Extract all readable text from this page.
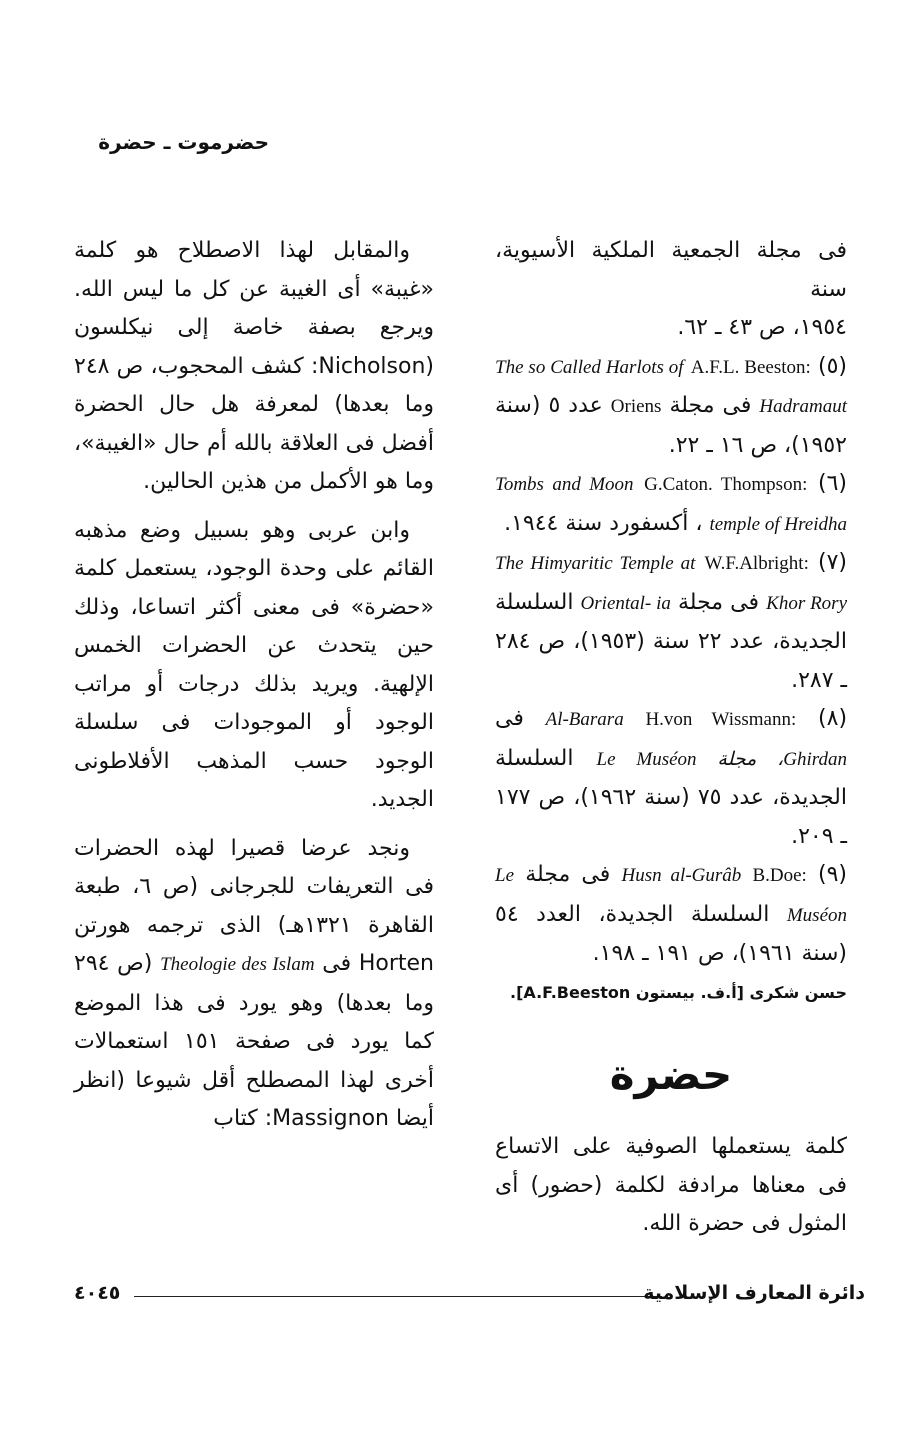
حضرموت ـ حضرة

فى مجلة الجمعية الملكية الأسيوية، سنة

١٩٥٤، ص ٤٣ ـ ٦٢.

(٥) A.F.L. Beeston: The so Called Harlots of Hadramaut فى مجلة Oriens عدد ٥ (سنة ١٩٥٢)، ص ١٦ ـ ٢٢.

(٦) G.Caton. Thompson: Tombs and Moon temple of Hreidha ، أكسفورد سنة ١٩٤٤.

(٧) W.F.Albright: The Himyaritic Temple at Khor Rory فى مجلة Oriental- ia السلسلة الجديدة، عدد ٢٢ سنة (١٩٥٣)، ص ٢٨٤ ـ ٢٨٧.

(٨) H.von Wissmann: Al-Barara فى Ghirdan، مجلة Le Muséon السلسلة الجديدة، عدد ٧٥ (سنة ١٩٦٢)، ص ١٧٧ ـ ٢٠٩.

(٩) B.Doe: Husn al-Gurâb فى مجلة Le Muséon السلسلة الجديدة، العدد ٥٤ (سنة ١٩٦١)، ص ١٩١ ـ ١٩٨.

حسن شكرى [أ.ف. بيستون A.F.Beeston].

حضرة

كلمة يستعملها الصوفية على الاتساع فى معناها مرادفة لكلمة (حضور) أى المثول فى حضرة الله.

والمقابل لهذا الاصطلاح هو كلمة «غيبة» أى الغيبة عن كل ما ليس الله. ويرجع بصفة خاصة إلى نيكلسون (Nicholson: كشف المحجوب، ص ٢٤٨ وما بعدها) لمعرفة هل حال الحضرة أفضل فى العلاقة بالله أم حال «الغيبة»، وما هو الأكمل من هذين الحالين.

وابن عربى وهو بسبيل وضع مذهبه القائم على وحدة الوجود، يستعمل كلمة «حضرة» فى معنى أكثر اتساعا، وذلك حين يتحدث عن الحضرات الخمس الإلهية. ويريد بذلك درجات أو مراتب الوجود أو الموجودات فى سلسلة الوجود حسب المذهب الأفلاطونى الجديد.

ونجد عرضا قصيرا لهذه الحضرات فى التعريفات للجرجانى (ص ٦، طبعة القاهرة ١٣٢١هـ) الذى ترجمه هورتن Horten فى Theologie des Islam (ص ٢٩٤ وما بعدها) وهو يورد فى هذا الموضع كما يورد فى صفحة ١٥١ استعمالات أخرى لهذا المصطلح أقل شيوعا (انظر أيضا Massignon: كتاب

دائرة المعارف الإسلامية
٤٠٤٥
